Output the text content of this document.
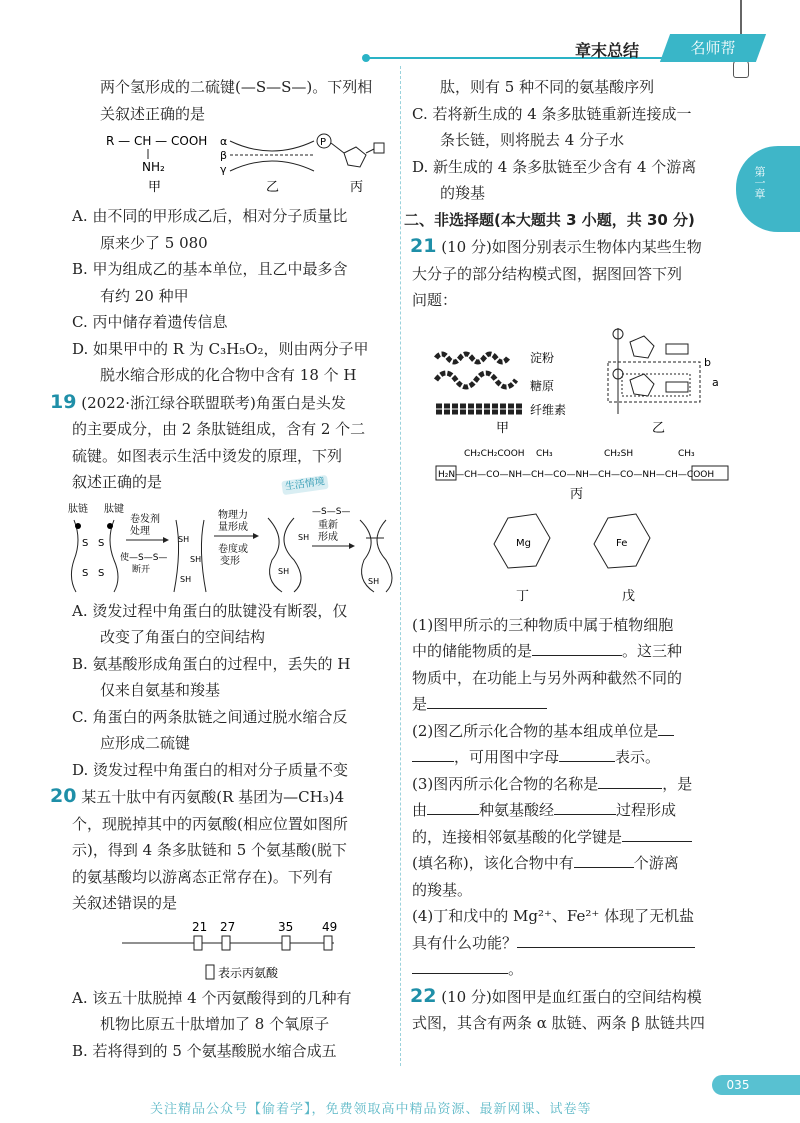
章末总结	名师帮
第一章

两个氢形成的二硫键(—S—S—)。下列相

关叙述正确的是

R — CH — COOH
NH₂
甲
α
β
γ
乙
P
丙

A. 由不同的甲形成乙后，相对分子质量比

原来少了 5 080

B. 甲为组成乙的基本单位，且乙中最多含

有约 20 种甲

C. 丙中储存着遗传信息

D. 如果甲中的 R 为 C₃H₅O₂，则由两分子甲

脱水缩合形成的化合物中含有 18 个 H

19 (2022·浙江绿谷联盟联考)角蛋白是头发

的主要成分，由 2 条肽链组成，含有 2 个二

硫键。如图表示生活中烫发的原理，下列

叙述正确的是	生活情境

肽链 肽键
S S
S S
卷发剂
处理
使—S—S—
断开
SH
SH
SH
物理力
量形成
卷度或
变形
SH
SH
—S—S—
重新
形成
SH

A. 烫发过程中角蛋白的肽键没有断裂，仅

改变了角蛋白的空间结构

B. 氨基酸形成角蛋白的过程中，丢失的 H

仅来自氨基和羧基

C. 角蛋白的两条肽链之间通过脱水缩合反

应形成二硫键

D. 烫发过程中角蛋白的相对分子质量不变

20 某五十肽中有丙氨酸(R 基团为—CH₃)4

个，现脱掉其中的丙氨酸(相应位置如图所

示)，得到 4 条多肽链和 5 个氨基酸(脱下

的氨基酸均以游离态正常存在)。下列有

关叙述错误的是

21 27	35 49
表示丙氨酸

A. 该五十肽脱掉 4 个丙氨酸得到的几种有

机物比原五十肽增加了 8 个氧原子

B. 若将得到的 5 个氨基酸脱水缩合成五

肽，则有 5 种不同的氨基酸序列

C. 若将新生成的 4 条多肽链重新连接成一

条长链，则将脱去 4 分子水

D. 新生成的 4 条多肽链至少含有 4 个游离

的羧基

二、非选择题(本大题共 3 小题，共 30 分)

21 (10 分)如图分别表示生物体内某些生物

大分子的部分结构模式图，据图回答下列

问题：

淀粉
糖原
纤维素
甲
b
a
乙
CH₂CH₂COOH CH₃	CH₂SH	CH₃
H₂N—CH—CO—NH—CH—CO—NH—CH—CO—NH—CH—COOH
丙
Mg	Fe
丁	戊

(1)图甲所示的三种物质中属于植物细胞

中的储能物质的是	。这三种

物质中，在功能上与另外两种截然不同的

是

(2)图乙所示化合物的基本组成单位是

，可用图中字母	表示。

(3)图丙所示化合物的名称是	，是

由	种氨基酸经	过程形成

的，连接相邻氨基酸的化学键是

(填名称)，该化合物中有	个游离

的羧基。

(4)丁和戊中的 Mg²⁺、Fe²⁺ 体现了无机盐

具有什么功能？

。

22 (10 分)如图甲是血红蛋白的空间结构模

式图，其含有两条 α 肽链、两条 β 肽链共四

035
关注精品公众号【偷着学】，免费领取高中精品资源、最新网课、试卷等
